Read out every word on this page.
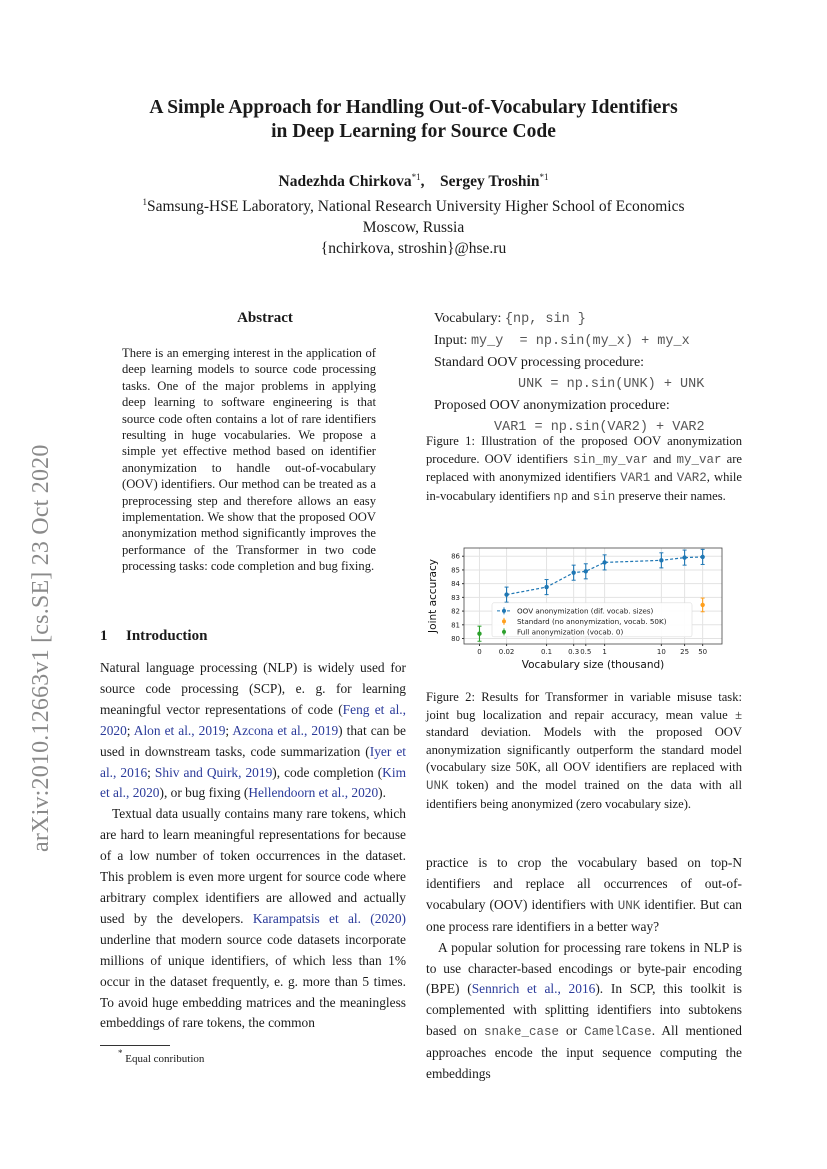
A Simple Approach for Handling Out-of-Vocabulary Identifiers
in Deep Learning for Source Code
Nadezhda Chirkova$^{*1}$,    Sergey Troshin$^{*1}$
$^1$Samsung-HSE Laboratory, National Research University Higher School of Economics
Moscow, Russia
{nchirkova, stroshin}@hse.ru
arXiv:2010.12663v1 [cs.SE] 23 Oct 2020
Abstract
There is an emerging interest in the application of deep learning models to source code processing tasks. One of the major problems in applying deep learning to software engineering is that source code often contains a lot of rare identifiers resulting in huge vocabularies. We propose a simple yet effective method based on identifier anonymization to handle out-of-vocabulary (OOV) identifiers. Our method can be treated as a preprocessing step and therefore allows an easy implementation. We show that the proposed OOV anonymization method significantly improves the performance of the Transformer in two code processing tasks: code completion and bug fixing.
1 Introduction

Natural language processing (NLP) is widely used for source code processing (SCP), e. g. for learning meaningful vector representations of code (Feng et al., 2020; Alon et al., 2019; Azcona et al., 2019) that can be used in downstream tasks, code summarization (Iyer et al., 2016; Shiv and Quirk, 2019), code completion (Kim et al., 2020), or bug fixing (Hellendoorn et al., 2020).

Textual data usually contains many rare tokens, which are hard to learn meaningful representations for because of a low number of token occurrences in the dataset. This problem is even more urgent for source code where arbitrary complex identifiers are allowed and actually used by the developers. Karampatsis et al. (2020) underline that modern source code datasets incorporate millions of unique identifiers, of which less than 1% occur in the dataset frequently, e. g. more than 5 times. To avoid huge embedding matrices and the meaningless embeddings of rare tokens, the common

* Equal conribution
Vocabulary: {np, sin }
Input: my_y  = np.sin(my_x) + my_x
Standard OOV processing procedure:
UNK = np.sin(UNK) + UNK
Proposed OOV anonymization procedure:
VAR1 = np.sin(VAR2) + VAR2
Figure 1: Illustration of the proposed OOV anonymization procedure. OOV identifiers sin_my_var and my_var are replaced with anonymized identifiers VAR1 and VAR2, while in-vocabulary identifiers np and sin preserve their names.
0 0.02	0.1 0.3 0.5 1	10 25 50
80
81
82
83
84
85
86
OOV anonymization (dif. vocab. sizes)
Standard (no anonymization, vocab. 50K)
Full anonymization (vocab. 0)
Vocabulary size (thousand)
Joint accuracy
Figure 2: Results for Transformer in variable misuse task: joint bug localization and repair accuracy, mean value ± standard deviation. Models with the proposed OOV anonymization significantly outperform the standard model (vocabulary size 50K, all OOV identifiers are replaced with UNK token) and the model trained on the data with all identifiers being anonymized (zero vocabulary size).

practice is to crop the vocabulary based on top-N identifiers and replace all occurrences of out-of-vocabulary (OOV) identifiers with UNK identifier. But can one process rare identifiers in a better way?

A popular solution for processing rare tokens in NLP is to use character-based encodings or byte-pair encoding (BPE) (Sennrich et al., 2016). In SCP, this toolkit is complemented with splitting identifiers into subtokens based on snake_case or CamelCase. All mentioned approaches encode the input sequence computing the embeddings
